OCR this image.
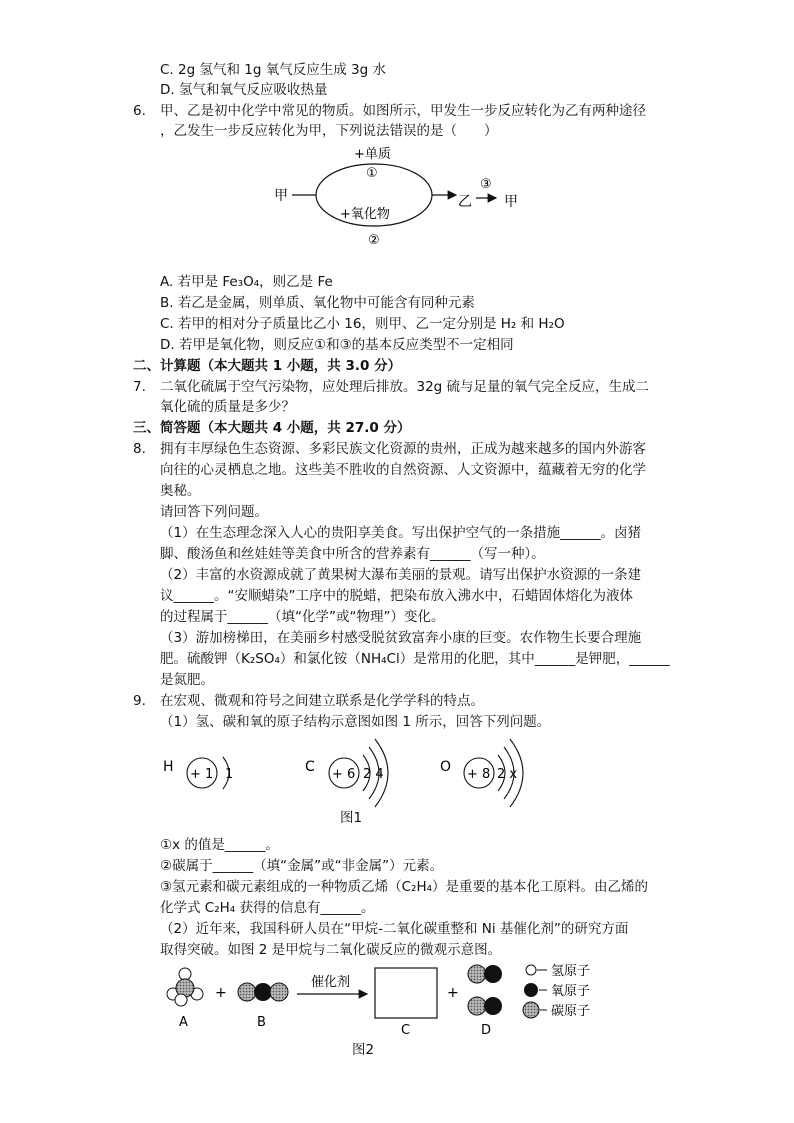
C. 2g 氢气和 1g 氧气反应生成 3g 水
D. 氢气和氧气反应吸收热量
6. 甲、乙是初中化学中常见的物质。如图所示，甲发生一步反应转化为乙有两种途径
，乙发生一步反应转化为甲，下列说法错误的是（　　）
甲
+单质
①
+氧化物
②
乙
③
甲
A. 若甲是 Fe₃O₄，则乙是 Fe
B. 若乙是金属，则单质、氧化物中可能含有同种元素
C. 若甲的相对分子质量比乙小 16，则甲、乙一定分别是 H₂ 和 H₂O
D. 若甲是氧化物，则反应①和③的基本反应类型不一定相同
二、计算题（本大题共 1 小题，共 3.0 分）
7. 二氧化硫属于空气污染物，应处理后排放。32g 硫与足量的氧气完全反应，生成二
氧化硫的质量是多少？
三、简答题（本大题共 4 小题，共 27.0 分）
8. 拥有丰厚绿色生态资源、多彩民族文化资源的贵州，正成为越来越多的国内外游客
向往的心灵栖息之地。这些美不胜收的自然资源、人文资源中，蕴藏着无穷的化学
奥秘。
请回答下列问题。
（1）在生态理念深入人心的贵阳享美食。写出保护空气的一条措施______。卤猪
脚、酸汤鱼和丝娃娃等美食中所含的营养素有______（写一种）。
（2）丰富的水资源成就了黄果树大瀑布美丽的景观。请写出保护水资源的一条建
议______。“安顺蜡染”工序中的脱蜡，把染布放入沸水中，石蜡固体熔化为液体
的过程属于______（填“化学”或“物理”）变化。
（3）游加榜梯田，在美丽乡村感受脱贫致富奔小康的巨变。农作物生长要合理施
肥。硫酸钾（K₂SO₄）和氯化铵（NH₄Cl）是常用的化肥，其中______是钾肥，______
是氮肥。
9. 在宏观、微观和符号之间建立联系是化学学科的特点。
（1）氢、碳和氧的原子结构示意图如图 1 所示，回答下列问题。
H + 1 1	C + 6 2 4	O + 8 2 x
图1
①x 的值是______。
②碳属于______（填“金属”或“非金属”）元素。
③氢元素和碳元素组成的一种物质乙烯（C₂H₄）是重要的基本化工原料。由乙烯的
化学式 C₂H₄ 获得的信息有______。
（2）近年来，我国科研人员在“甲烷-二氧化碳重整和 Ni 基催化剂”的研究方面
取得突破。如图 2 是甲烷与二氧化碳反应的微观示意图。
A
+
B
催化剂
C
+
D
氢原子
氧原子
碳原子
图2
